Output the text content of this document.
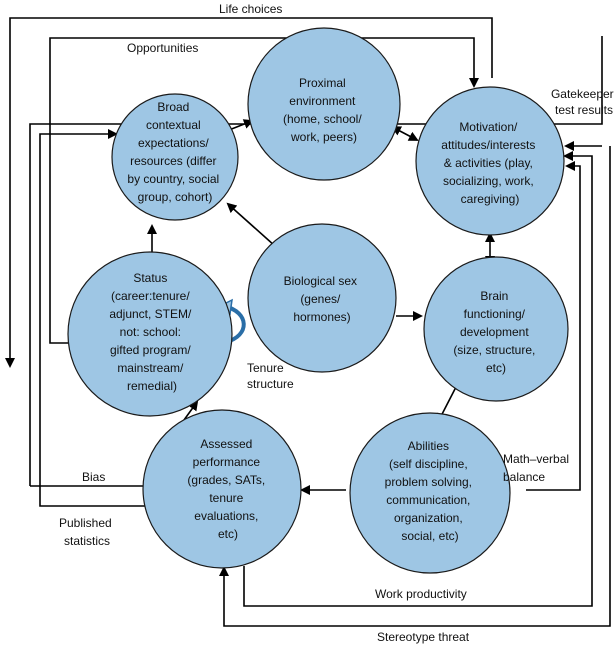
Broad contextual expectations/ resources (differ by country, social group, cohort)
Proximal environment (home, school/ work, peers)
Motivation/ attitudes/interests & activities (play, socializing, work, caregiving)
Status (career:tenure/ adjunct, STEM/ not: school: gifted program/ mainstream/ remedial)
Biological sex (genes/ hormones)
Brain functioning/ development (size, structure, etc)
Assessed performance (grades, SATs, tenure evaluations, etc)
Abilities (self discipline, problem solving, communication, organization, social, etc)
Life choices
Opportunities
Gatekeeper test results
Tenure structure
Bias
Published statistics
Math–verbal balance
Work productivity
Stereotype threat
